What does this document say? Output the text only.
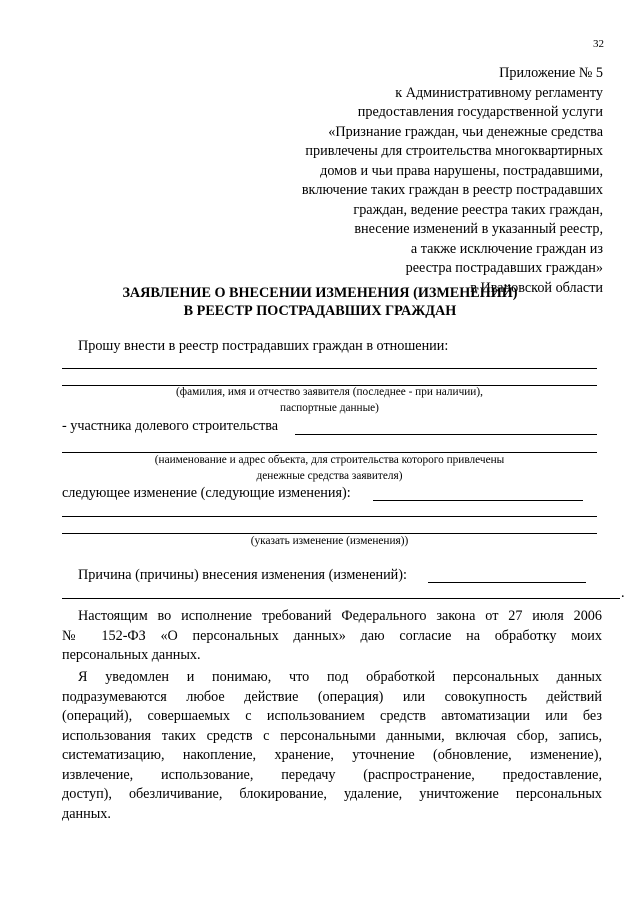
32
Приложение № 5
к Административному регламенту
предоставления государственной услуги
«Признание граждан, чьи денежные средства
привлечены для строительства многоквартирных
домов и чьи права нарушены, пострадавшими,
включение таких граждан в реестр пострадавших
граждан, ведение реестра таких граждан,
внесение изменений в указанный реестр,
а также исключение граждан из
реестра пострадавших граждан»
в Ивановской области
ЗАЯВЛЕНИЕ О ВНЕСЕНИИ ИЗМЕНЕНИЯ (ИЗМЕНЕНИЙ)
В РЕЕСТР ПОСТРАДАВШИХ ГРАЖДАН
Прошу внести в реестр пострадавших граждан в отношении:
(фамилия, имя и отчество заявителя (последнее - при наличии),
паспортные данные)
- участника долевого строительства
(наименование и адрес объекта, для строительства которого привлечены
денежные средства заявителя)
следующее изменение (следующие изменения):
(указать изменение (изменения))
Причина (причины) внесения изменения (изменений):
.
Настоящим во исполнение требований Федерального закона от 27 июля 2006
№ 152-ФЗ «О персональных данных» даю согласие на обработку моих
персональных данных.
Я уведомлен и понимаю, что под обработкой персональных данных
подразумеваются любое действие (операция) или совокупность действий
(операций), совершаемых с использованием средств автоматизации или без
использования таких средств с персональными данными, включая сбор, запись,
систематизацию, накопление, хранение, уточнение (обновление, изменение),
извлечение, использование, передачу (распространение, предоставление,
доступ), обезличивание, блокирование, удаление, уничтожение персональных
данных.
